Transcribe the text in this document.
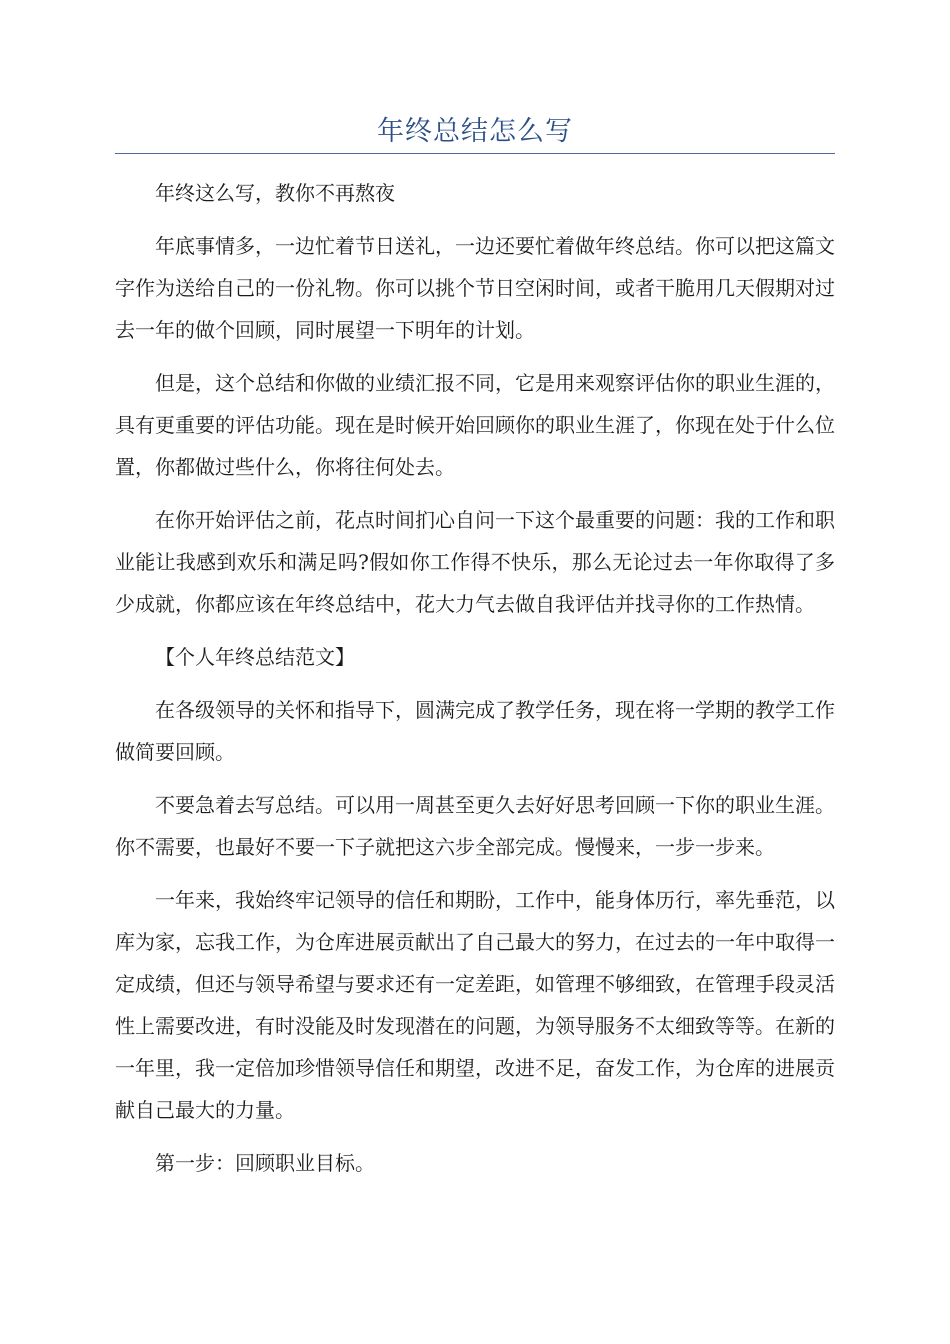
年终总结怎么写

年终这么写，教你不再熬夜

年底事情多，一边忙着节日送礼，一边还要忙着做年终总结。你可以把这篇文字作为送给自己的一份礼物。你可以挑个节日空闲时间，或者干脆用几天假期对过去一年的做个回顾，同时展望一下明年的计划。

但是，这个总结和你做的业绩汇报不同，它是用来观察评估你的职业生涯的，具有更重要的评估功能。现在是时候开始回顾你的职业生涯了，你现在处于什么位置，你都做过些什么，你将往何处去。

在你开始评估之前，花点时间扪心自问一下这个最重要的问题：我的工作和职业能让我感到欢乐和满足吗?假如你工作得不快乐，那么无论过去一年你取得了多少成就，你都应该在年终总结中，花大力气去做自我评估并找寻你的工作热情。

【个人年终总结范文】

在各级领导的关怀和指导下，圆满完成了教学任务，现在将一学期的教学工作做简要回顾。

不要急着去写总结。可以用一周甚至更久去好好思考回顾一下你的职业生涯。你不需要，也最好不要一下子就把这六步全部完成。慢慢来，一步一步来。

一年来，我始终牢记领导的信任和期盼，工作中，能身体历行，率先垂范，以库为家，忘我工作，为仓库进展贡献出了自己最大的努力，在过去的一年中取得一定成绩，但还与领导希望与要求还有一定差距，如管理不够细致，在管理手段灵活性上需要改进，有时没能及时发现潜在的问题，为领导服务不太细致等等。在新的一年里，我一定倍加珍惜领导信任和期望，改进不足，奋发工作，为仓库的进展贡献自己最大的力量。

第一步：回顾职业目标。
